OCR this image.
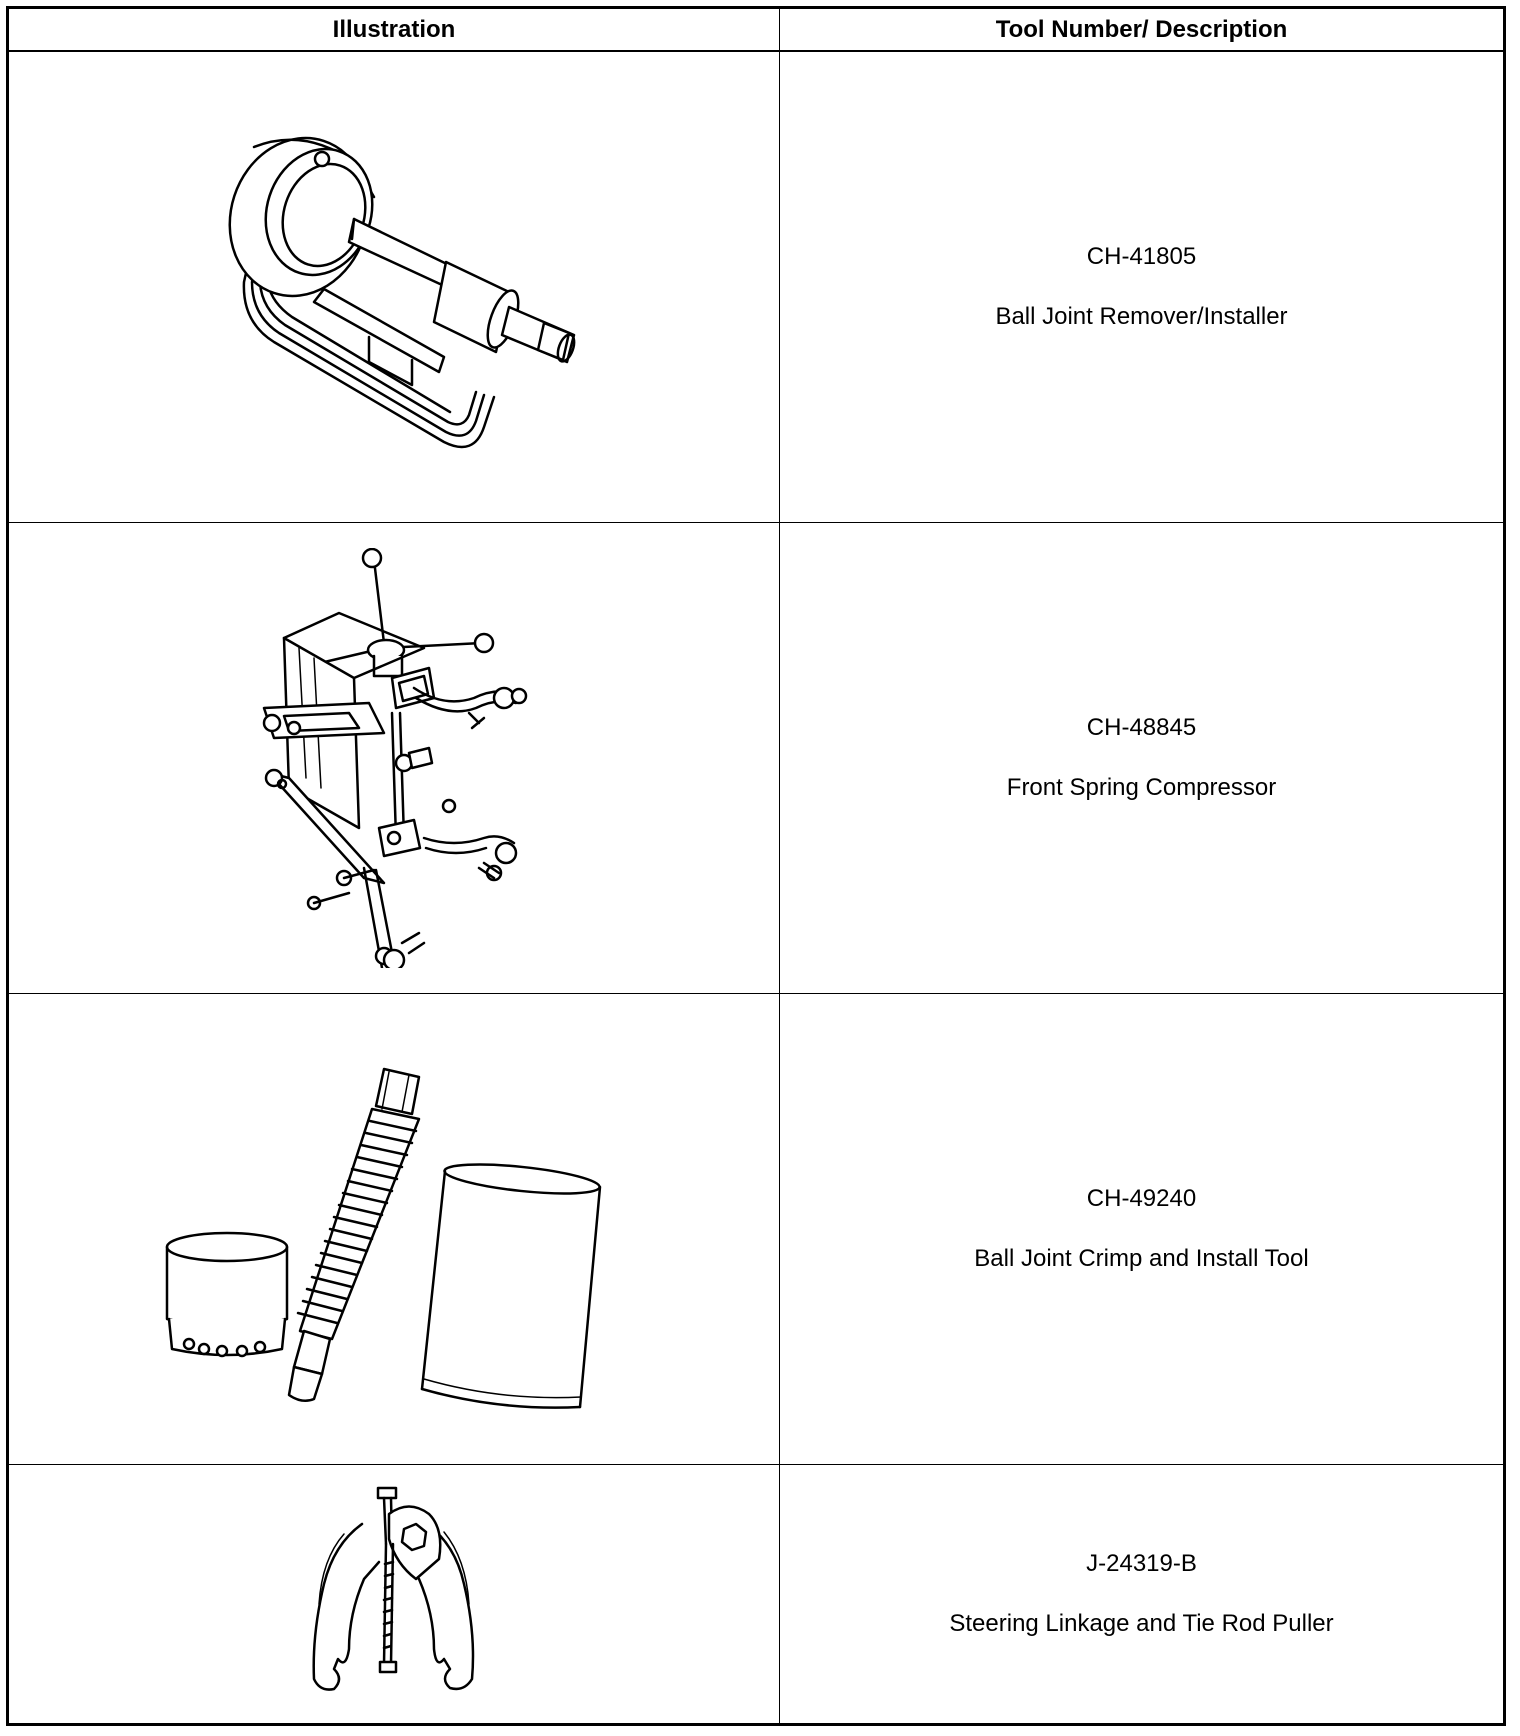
Illustration	Tool Number/ Description
CH-41805
Ball Joint Remover/Installer
CH-48845
Front Spring Compressor
CH-49240
Ball Joint Crimp and Install Tool
J-24319-B
Steering Linkage and Tie Rod Puller
